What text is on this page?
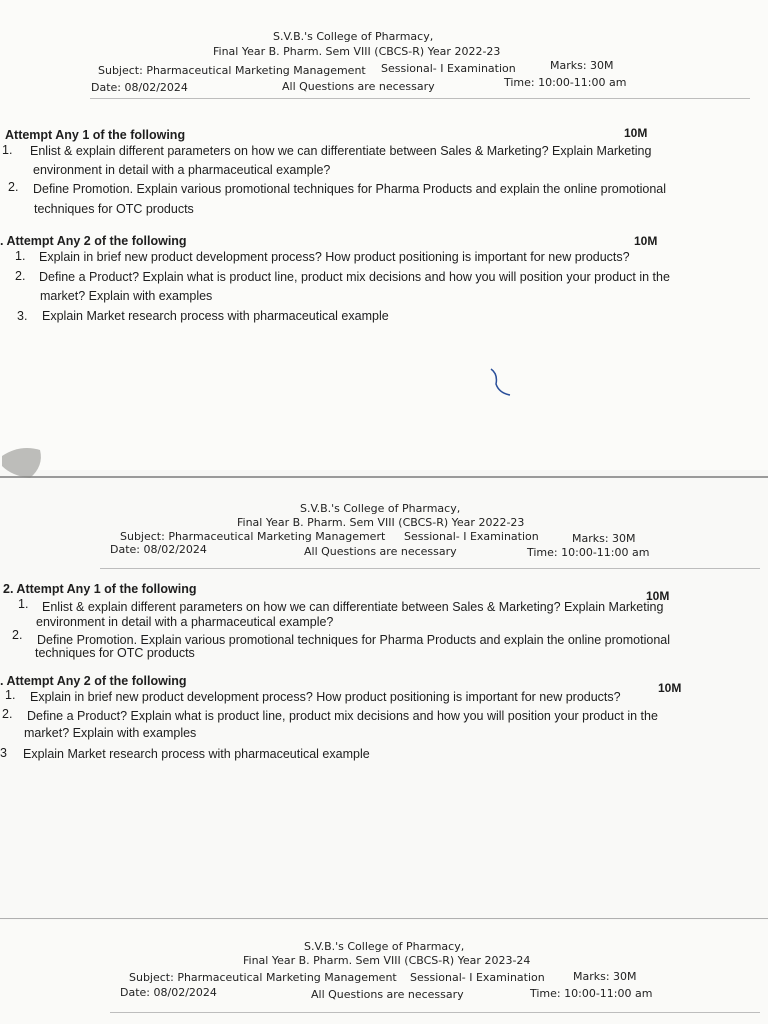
S.V.B.'s College of Pharmacy,
Final Year B. Pharm. Sem VIII (CBCS-R) Year 2022-23
Subject: Pharmaceutical Marketing Management Sessional- I Examination	Marks: 30M
Date: 08/02/2024	All Questions are necessary	Time: 10:00-11:00 am
Attempt Any 1 of the following	10M
1. Enlist & explain different parameters on how we can differentiate between Sales & Marketing? Explain Marketing
environment in detail with a pharmaceutical example?
2. Define Promotion. Explain various promotional techniques for Pharma Products and explain the online promotional
techniques for OTC products
. Attempt Any 2 of the following	10M
1. Explain in brief new product development process? How product positioning is important for new products?
2. Define a Product? Explain what is product line, product mix decisions and how you will position your product in the
market? Explain with examples
3. Explain Market research process with pharmaceutical example
S.V.B.'s College of Pharmacy,
Final Year B. Pharm. Sem VIII (CBCS-R) Year 2022-23
Subject: Pharmaceutical Marketing Managemert Sessional- I Examination	Marks: 30M
Date: 08/02/2024	All Questions are necessary	Time: 10:00-11:00 am
2. Attempt Any 1 of the following	10M
1. Enlist & explain different parameters on how we can differentiate between Sales & Marketing? Explain Marketing
environment in detail with a pharmaceutical example?
2. Define Promotion. Explain various promotional techniques for Pharma Products and explain the online promotional
techniques for OTC products
. Attempt Any 2 of the following	10M
1. Explain in brief new product development process? How product positioning is important for new products?
2. Define a Product? Explain what is product line, product mix decisions and how you will position your product in the
market? Explain with examples
3 Explain Market research process with pharmaceutical example
S.V.B.'s College of Pharmacy,
Final Year B. Pharm. Sem VIII (CBCS-R) Year 2023-24
Subject: Pharmaceutical Marketing Management Sessional- I Examination	Marks: 30M
Date: 08/02/2024	All Questions are necessary	Time: 10:00-11:00 am
